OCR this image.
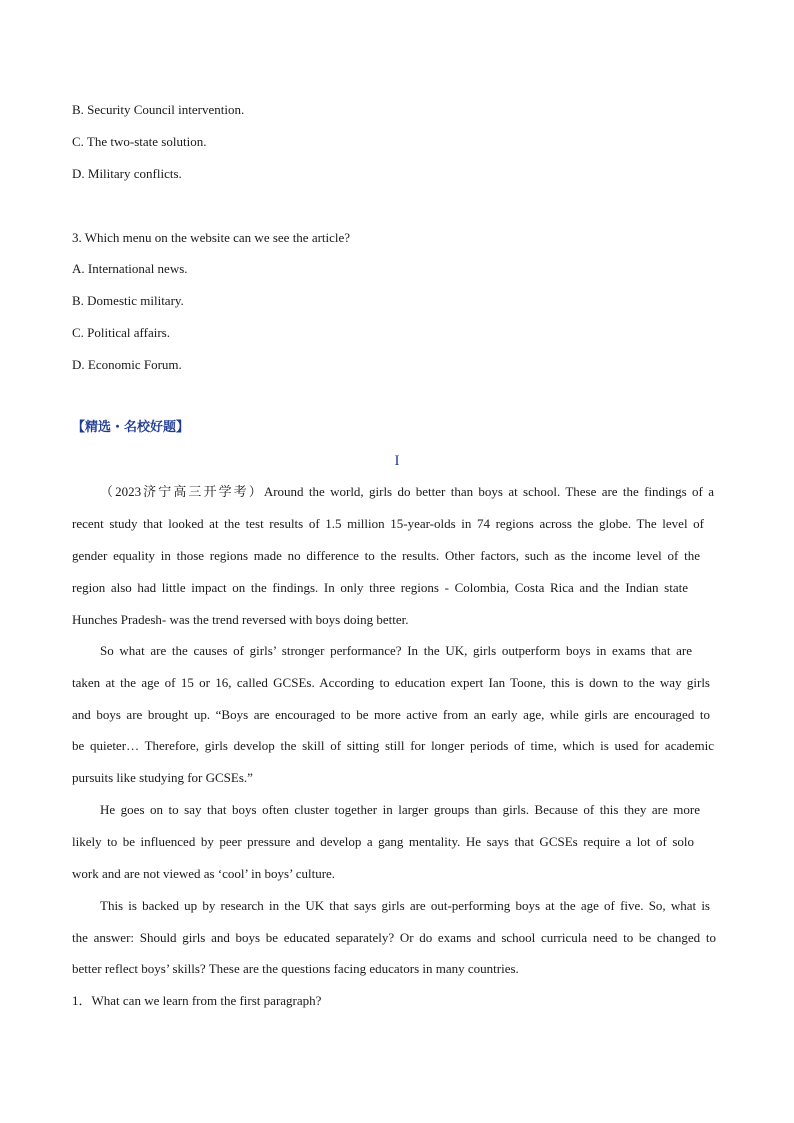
B. Security Council intervention.
C. The two-state solution.
D. Military conflicts.
3. Which menu on the website can we see the article?
A. International news.
B. Domestic military.
C. Political affairs.
D. Economic Forum.
【精选・名校好题】
I
（2023济宁高三开学考）Around the world, girls do better than boys at school. These are the findings of a
recent study that looked at the test results of 1.5 million 15-year-olds in 74 regions across the globe. The level of
gender equality in those regions made no difference to the results. Other factors, such as the income level of the
region also had little impact on the findings. In only three regions - Colombia, Costa Rica and the Indian state
Hunches Pradesh- was the trend reversed with boys doing better.
So what are the causes of girls’ stronger performance? In the UK, girls outperform boys in exams that are
taken at the age of 15 or 16, called GCSEs. According to education expert Ian Toone, this is down to the way girls
and boys are brought up. “Boys are encouraged to be more active from an early age, while girls are encouraged to
be quieter… Therefore, girls develop the skill of sitting still for longer periods of time, which is used for academic
pursuits like studying for GCSEs.”
He goes on to say that boys often cluster together in larger groups than girls. Because of this they are more
likely to be influenced by peer pressure and develop a gang mentality. He says that GCSEs require a lot of solo
work and are not viewed as ‘cool’ in boys’ culture.
This is backed up by research in the UK that says girls are out-performing boys at the age of five. So, what is
the answer: Should girls and boys be educated separately? Or do exams and school curricula need to be changed to
better reflect boys’ skills? These are the questions facing educators in many countries.
1．What can we learn from the first paragraph?
